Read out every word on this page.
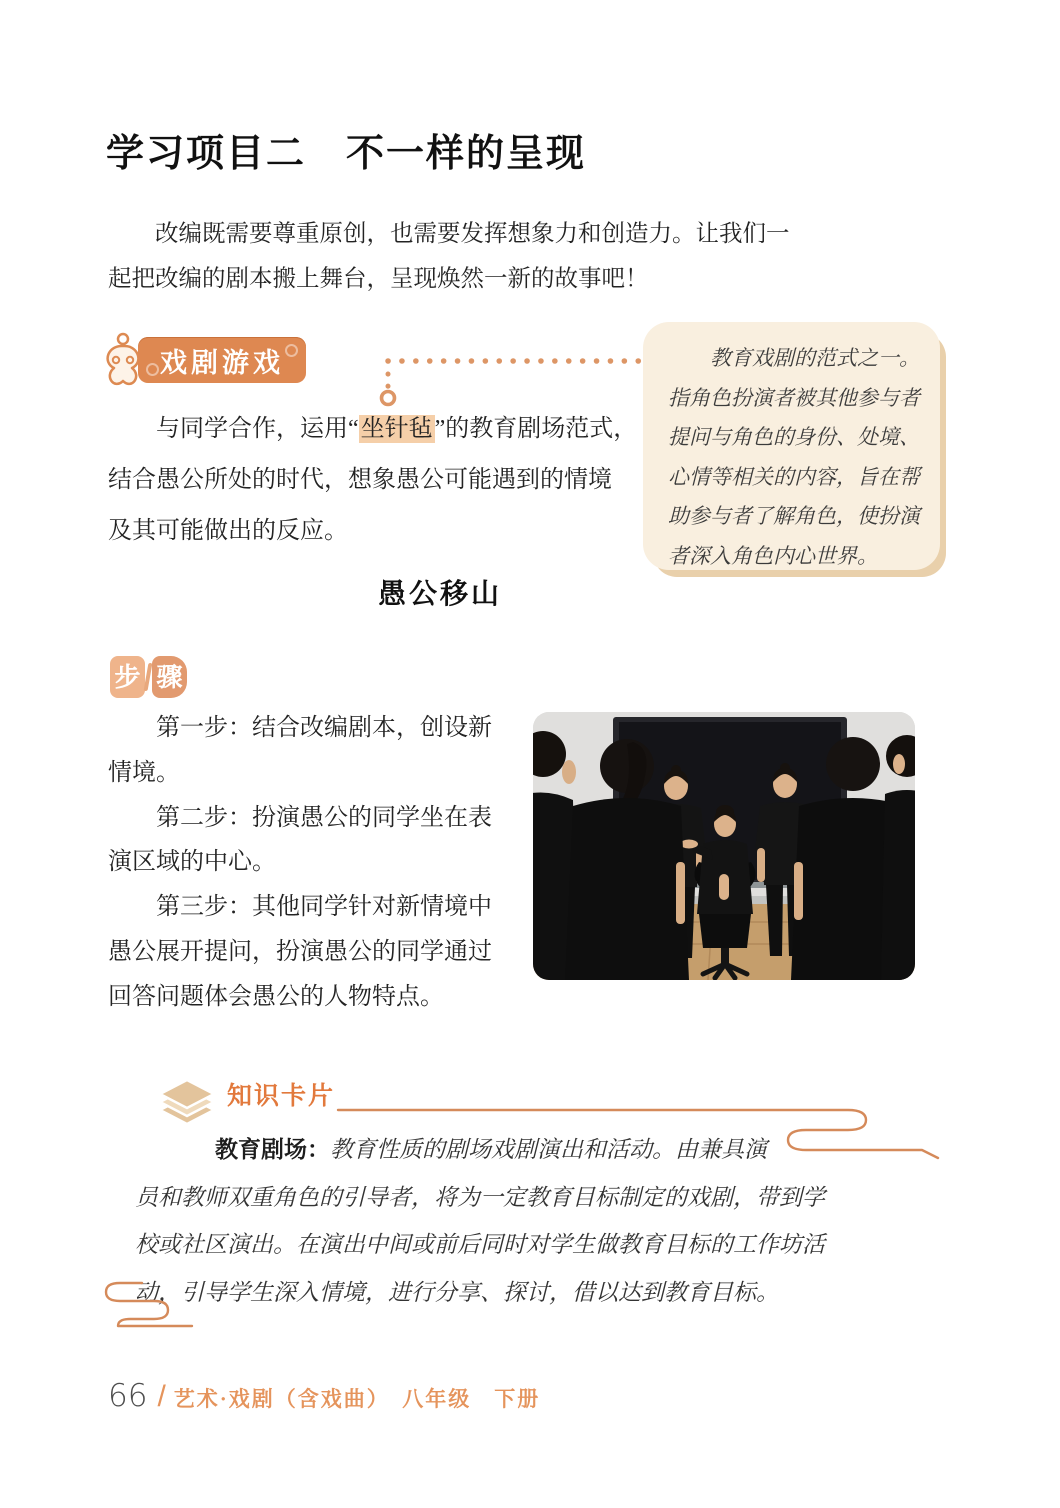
学习项目二　不一样的呈现
改编既需要尊重原创，也需要发挥想象力和创造力。让我们一
起把改编的剧本搬上舞台，呈现焕然一新的故事吧！
戏剧游戏	教育戏剧的范式之一。
指角色扮演者被其他参与者
提问与角色的身份、处境、
心情等相关的内容，旨在帮
助参与者了解角色，使扮演
者深入角色内心世界。
与同学合作，运用“坐针毡”的教育剧场范式，
结合愚公所处的时代，想象愚公可能遇到的情境
及其可能做出的反应。
愚公移山
步 骤
第一步：结合改编剧本，创设新
情境。
第二步：扮演愚公的同学坐在表
演区域的中心。
第三步：其他同学针对新情境中
愚公展开提问，扮演愚公的同学通过
回答问题体会愚公的人物特点。
知识卡片
教育剧场：教育性质的剧场戏剧演出和活动。由兼具演
员和教师双重角色的引导者，将为一定教育目标制定的戏剧，带到学
校或社区演出。在演出中间或前后同时对学生做教育目标的工作坊活
动，引导学生深入情境，进行分享、探讨，借以达到教育目标。
66 / 艺术·戏剧（含戏曲）　八年级　下册
